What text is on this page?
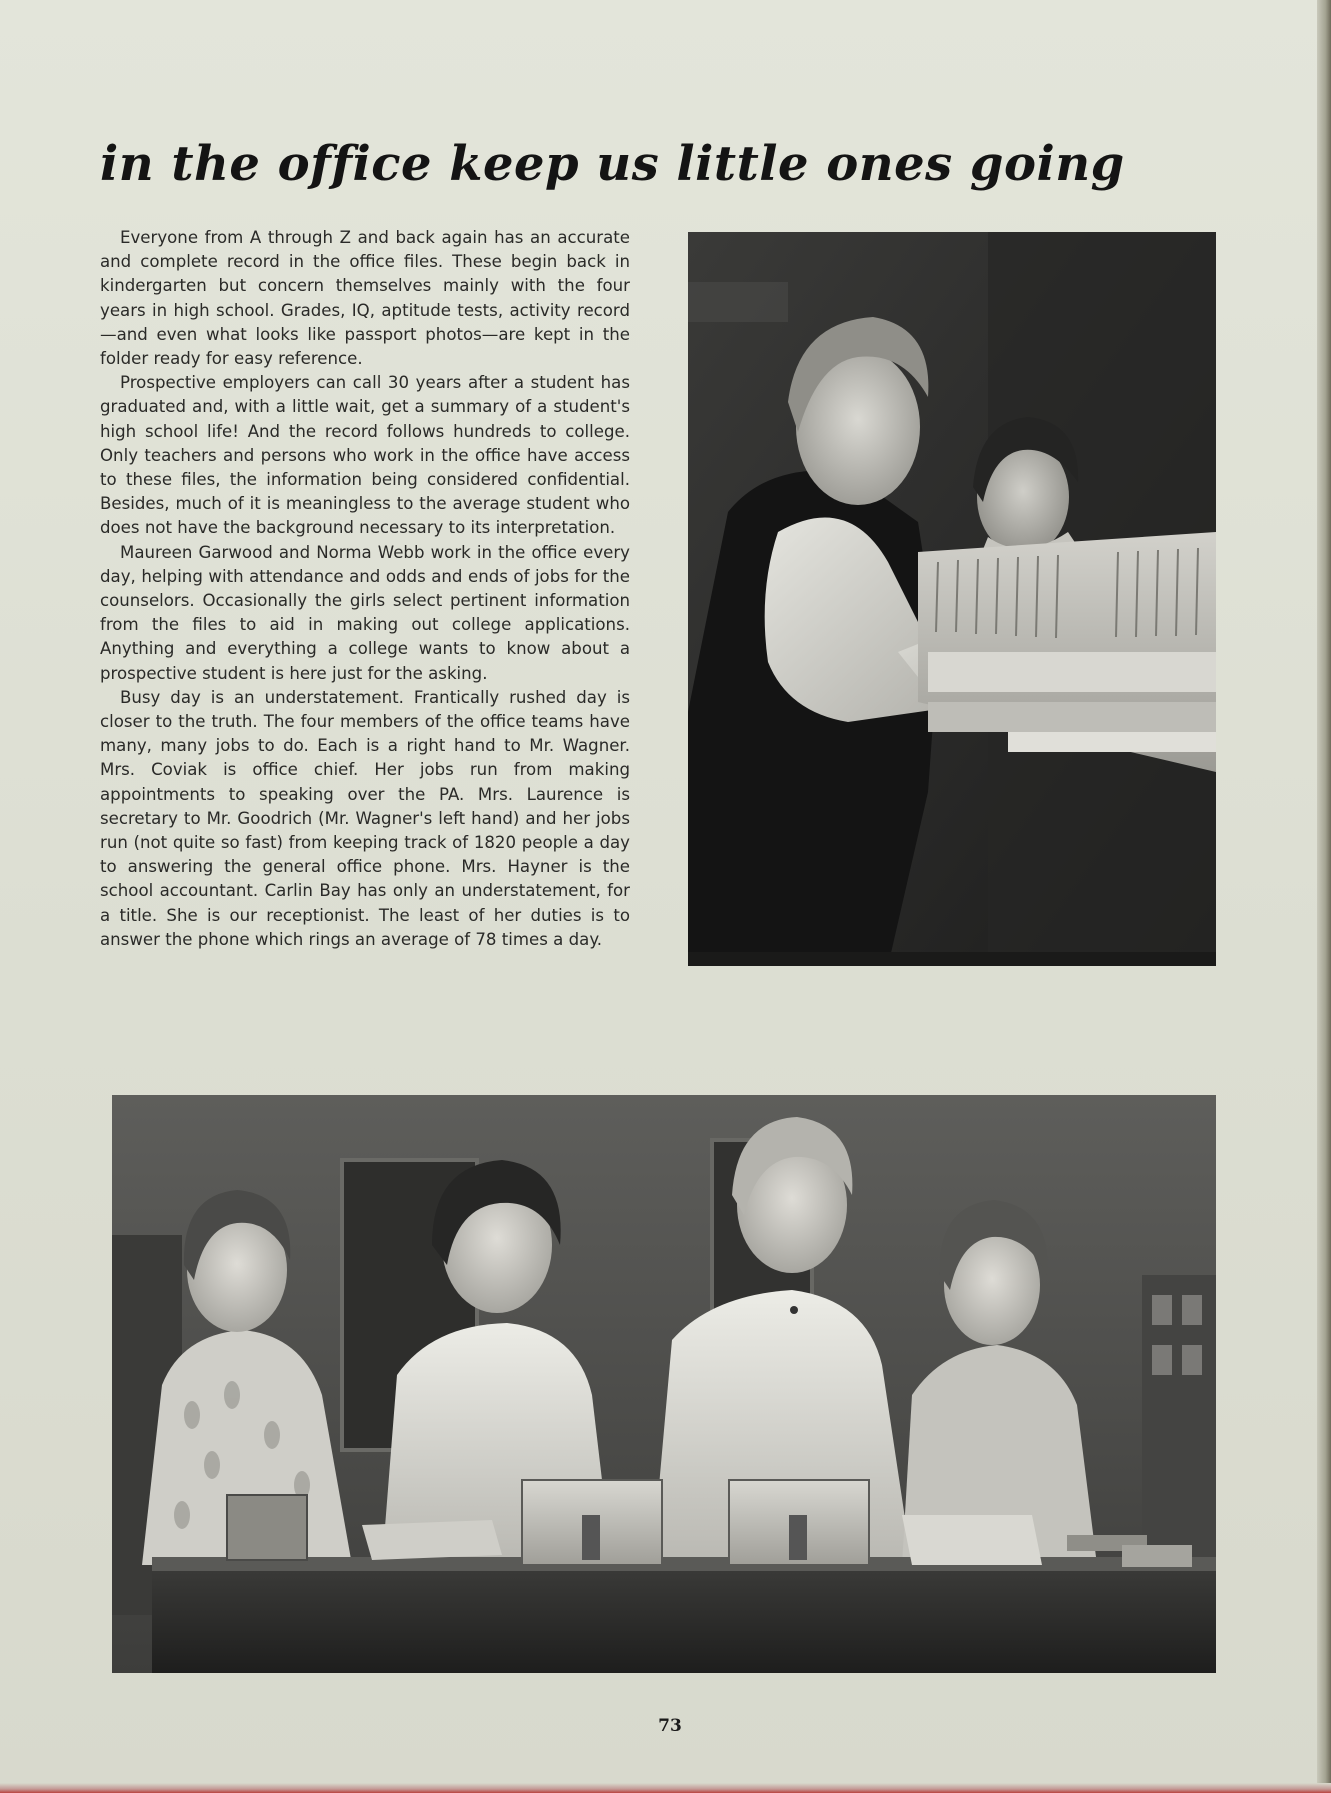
in the office keep us little ones going

Everyone from A through Z and back again has an accurate and complete record in the office files. These begin back in kindergarten but concern themselves mainly with the four years in high school. Grades, IQ, aptitude tests, activity record—and even what looks like passport photos—are kept in the folder ready for easy reference.

Prospective employers can call 30 years after a student has graduated and, with a little wait, get a summary of a student's high school life! And the record follows hundreds to college. Only teachers and persons who work in the office have access to these files, the information being considered confidential. Besides, much of it is meaningless to the average student who does not have the background necessary to its interpretation.

Maureen Garwood and Norma Webb work in the office every day, helping with attendance and odds and ends of jobs for the counselors. Occasionally the girls select pertinent information from the files to aid in making out college applications. Anything and everything a college wants to know about a prospective student is here just for the asking.

Busy day is an understatement. Frantically rushed day is closer to the truth. The four members of the office teams have many, many jobs to do. Each is a right hand to Mr. Wagner. Mrs. Coviak is office chief. Her jobs run from making appointments to speaking over the PA. Mrs. Laurence is secretary to Mr. Goodrich (Mr. Wagner's left hand) and her jobs run (not quite so fast) from keeping track of 1820 people a day to answering the general office phone. Mrs. Hayner is the school accountant. Carlin Bay has only an understatement, for a title. She is our receptionist. The least of her duties is to answer the phone which rings an average of 78 times a day.

73
